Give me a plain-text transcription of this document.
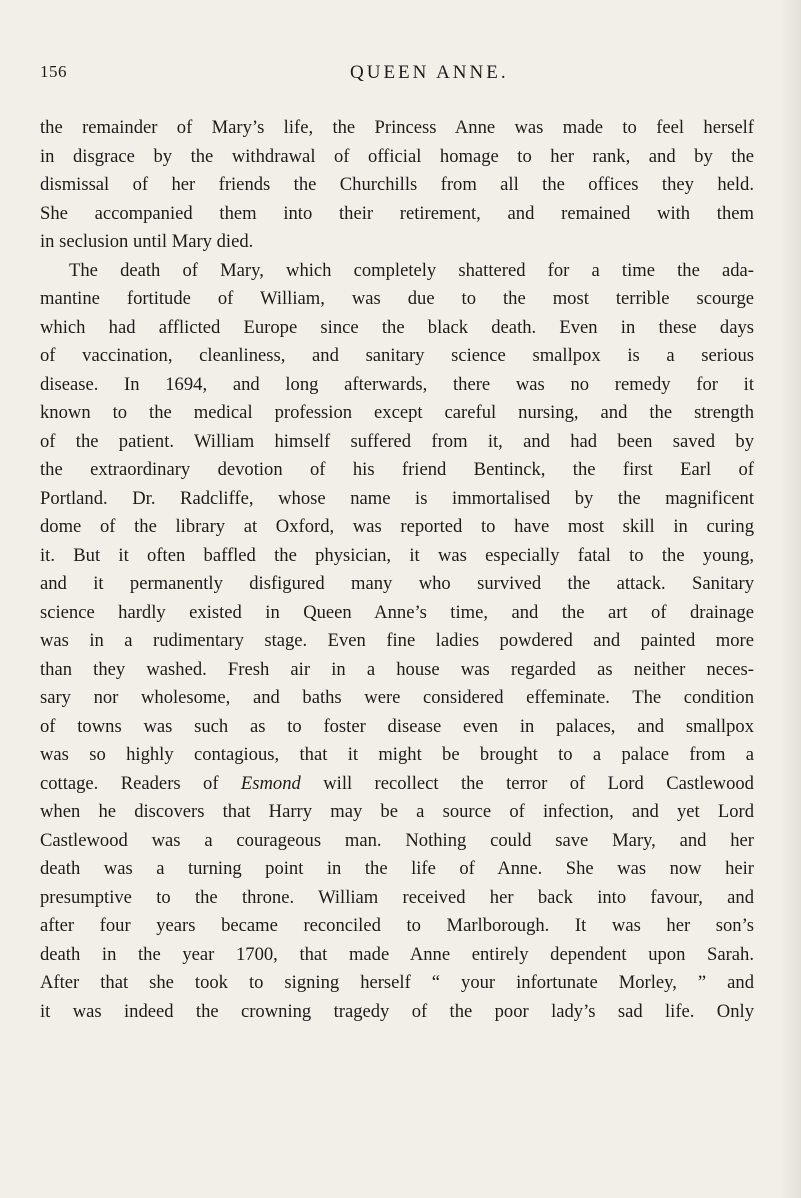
156	QUEEN ANNE.
the remainder of Mary’s life, the Princess Anne was made to feel herself
in disgrace by the withdrawal of official homage to her rank, and by the
dismissal of her friends the Churchills from all the offices they held.
She accompanied them into their retirement, and remained with them
in seclusion until Mary died.
The death of Mary, which completely shattered for a time the ada-
mantine fortitude of William, was due to the most terrible scourge
which had afflicted Europe since the black death. Even in these days
of vaccination, cleanliness, and sanitary science smallpox is a serious
disease. In 1694, and long afterwards, there was no remedy for it
known to the medical profession except careful nursing, and the strength
of the patient. William himself suffered from it, and had been saved by
the extraordinary devotion of his friend Bentinck, the first Earl of
Portland. Dr. Radcliffe, whose name is immortalised by the magnificent
dome of the library at Oxford, was reported to have most skill in curing
it. But it often baffled the physician, it was especially fatal to the young,
and it permanently disfigured many who survived the attack. Sanitary
science hardly existed in Queen Anne’s time, and the art of drainage
was in a rudimentary stage. Even fine ladies powdered and painted more
than they washed. Fresh air in a house was regarded as neither neces-
sary nor wholesome, and baths were considered effeminate. The condition
of towns was such as to foster disease even in palaces, and smallpox
was so highly contagious, that it might be brought to a palace from a
cottage. Readers of Esmond will recollect the terror of Lord Castlewood
when he discovers that Harry may be a source of infection, and yet Lord
Castlewood was a courageous man. Nothing could save Mary, and her
death was a turning point in the life of Anne. She was now heir
presumptive to the throne. William received her back into favour, and
after four years became reconciled to Marlborough. It was her son’s
death in the year 1700, that made Anne entirely dependent upon Sarah.
After that she took to signing herself “ your infortunate Morley, ” and
it was indeed the crowning tragedy of the poor lady’s sad life. Only
